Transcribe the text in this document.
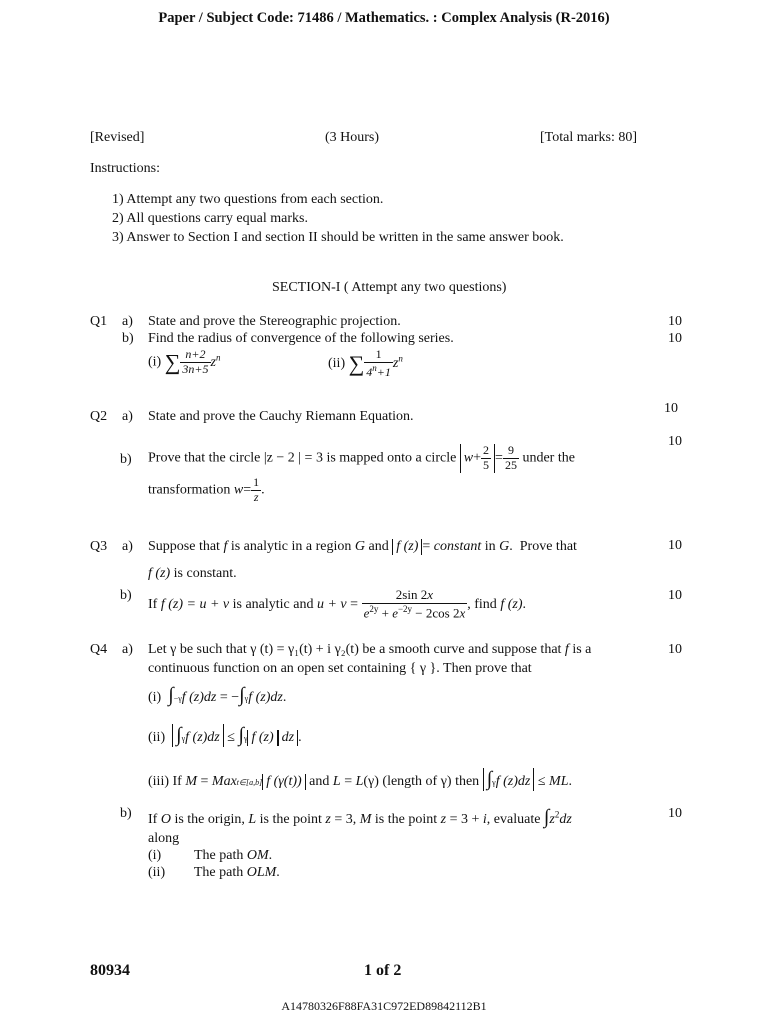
Paper / Subject Code: 71486 / Mathematics. : Complex Analysis (R-2016)
[Revised]	(3 Hours)	[Total marks: 80]
Instructions:
1) Attempt any two questions from each section.
2) All questions carry equal marks.
3) Answer to Section I and section II should be written in the same answer book.
SECTION-I ( Attempt any two questions)
Q1 a) State and prove the Stereographic projection.	10
b) Find the radius of convergence of the following series.	10
(i) ∑ $\frac{n+2}{3n+5} z^n$	(ii) ∑ $\frac{1}{4^n+1} z^n$
Q2 a) State and prove the Cauchy Riemann Equation.
10
b) Prove that the circle |z − 2 | = 3 is mapped onto a circle $w+ \frac{2}{5} = \frac{9}{25}$ under the
10
transformation $w= \frac{1}{z}$ .
Q3 a) Suppose that f is analytic in a region G and f (z) = constant in G.  Prove that	10
f (z) is constant.
b)
If f (z) = u + v is analytic and $u + v = \frac{2\sin 2x}{e^{2y} + e^{-2y} - 2\cos 2x}$ , find f (z).
10
Q4 a) Let γ be such that γ (t) = γ₁(t) + i γ₂(t) be a smooth curve and suppose that f is a	10
continuous function on an open set containing { γ }. Then prove that
(i) ∫−γf (z)dz = −∫γf (z)dz.
(ii) ∫γf (z)dz ≤ ∫γ f (z) dz .
(iii) If M = Maxt∈[a,b] f (γ(t)) and L = L(γ) (length of γ) then ∫γf (z)dz ≤ ML.
b) If O is the origin, L is the point z = 3, M is the point z = 3 + i, evaluate $\int z^2dz$	10
along
(i) The path OM.
(ii) The path OLM.
80934	1 of 2
A14780326F88FA31C972ED89842112B1
